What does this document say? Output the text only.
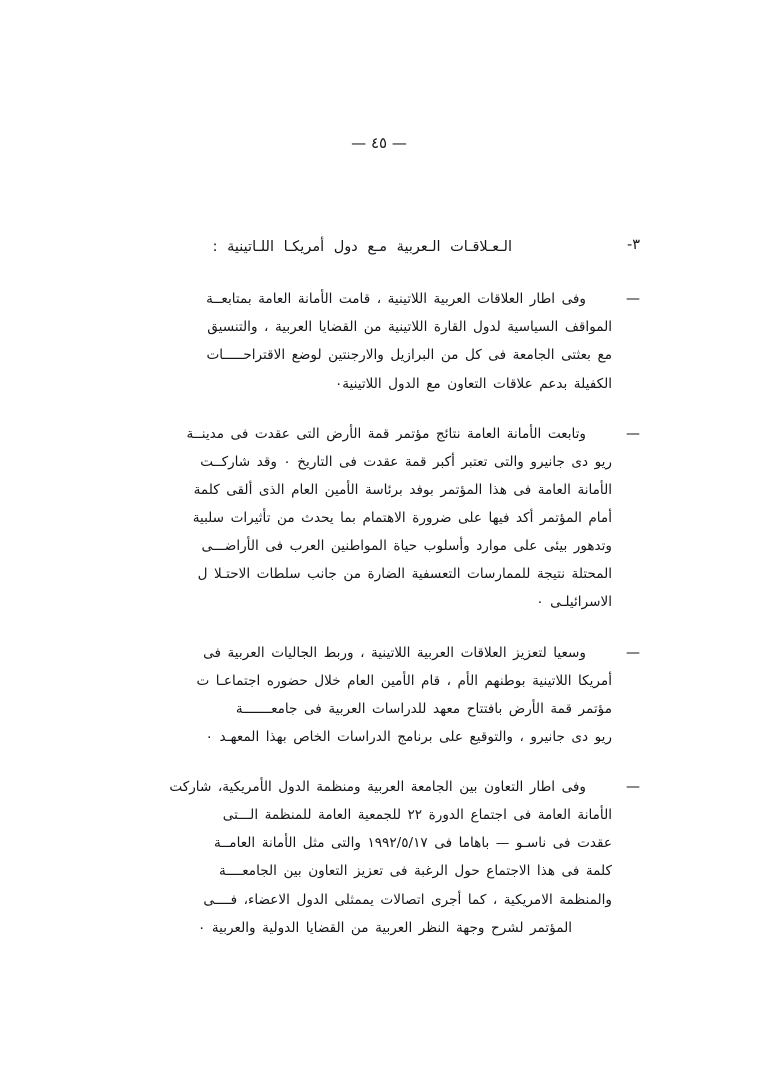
— ٤٥ —
٣-
الـعـلاقـات الـعربية مـع دول أمريكـا اللـاتينية :
—
وفى اطار العلاقات العربية اللاتينية ، قامت الأمانة العامة بمتابعــة
المواقف السياسية لدول القارة اللاتينية من القضايا العربية ، والتنسيق
مع بعثتى الجامعة فى كل من البرازيل والارجنتين لوضع الاقتراحـــــات
الكفيلة بدعم علاقات التعاون مع الدول اللاتينية٠
—
وتابعت الأمانة العامة نتائج مؤتمر قمة الأرض التى عقدت فى مدينــة
ريو دى جانيرو والتى تعتبر أكبر قمة عقدت فى التاريخ ٠ وقد شاركــت
الأمانة العامة فى هذا المؤتمر بوفد برئاسة الأمين العام الذى ألقى كلمة
أمام المؤتمر أكد فيها على ضرورة الاهتمام بما يحدث من تأثيرات سلبية
وتدهور بيئى على موارد وأسلوب حياة المواطنين العرب فى الأراضـــى
المحتلة نتيجة للممارسات التعسفية الضارة من جانب سلطات الاحتـلا ل
الاسرائيلـى ٠
—
وسعيا لتعزيز العلاقات العربية اللاتينية ، وربط الجاليات العربية فى
أمريكا اللاتينية بوطنهم الأم ، قام الأمين العام خلال حضوره اجتماعـا ت
مؤتمر قمة الأرض بافتتاح معهد للدراسات العربية فى جامعـــــــة
ريو دى جانيرو ، والتوقيع على برنامج الدراسات الخاص بهذا المعهـد ٠
—
وفى اطار التعاون بين الجامعة العربية ومنظمة الدول الأمريكية، شاركت
الأمانة العامة فى اجتماع الدورة ٢٢ للجمعية العامة للمنظمة الـــتى
عقدت فى ناسـو — باهاما فى ١٩٩٢/٥/١٧ والتى مثل الأمانة العامــة
كلمة فى هذا الاجتماع حول الرغبة فى تعزيز التعاون بين الجامعــــة
والمنظمة الامريكية ، كما أجرى اتصالات يممثلى الدول الاعضاء، فــــى
المؤتمر لشرح وجهة النظر العربية من القضايا الدولية والعربية ٠
